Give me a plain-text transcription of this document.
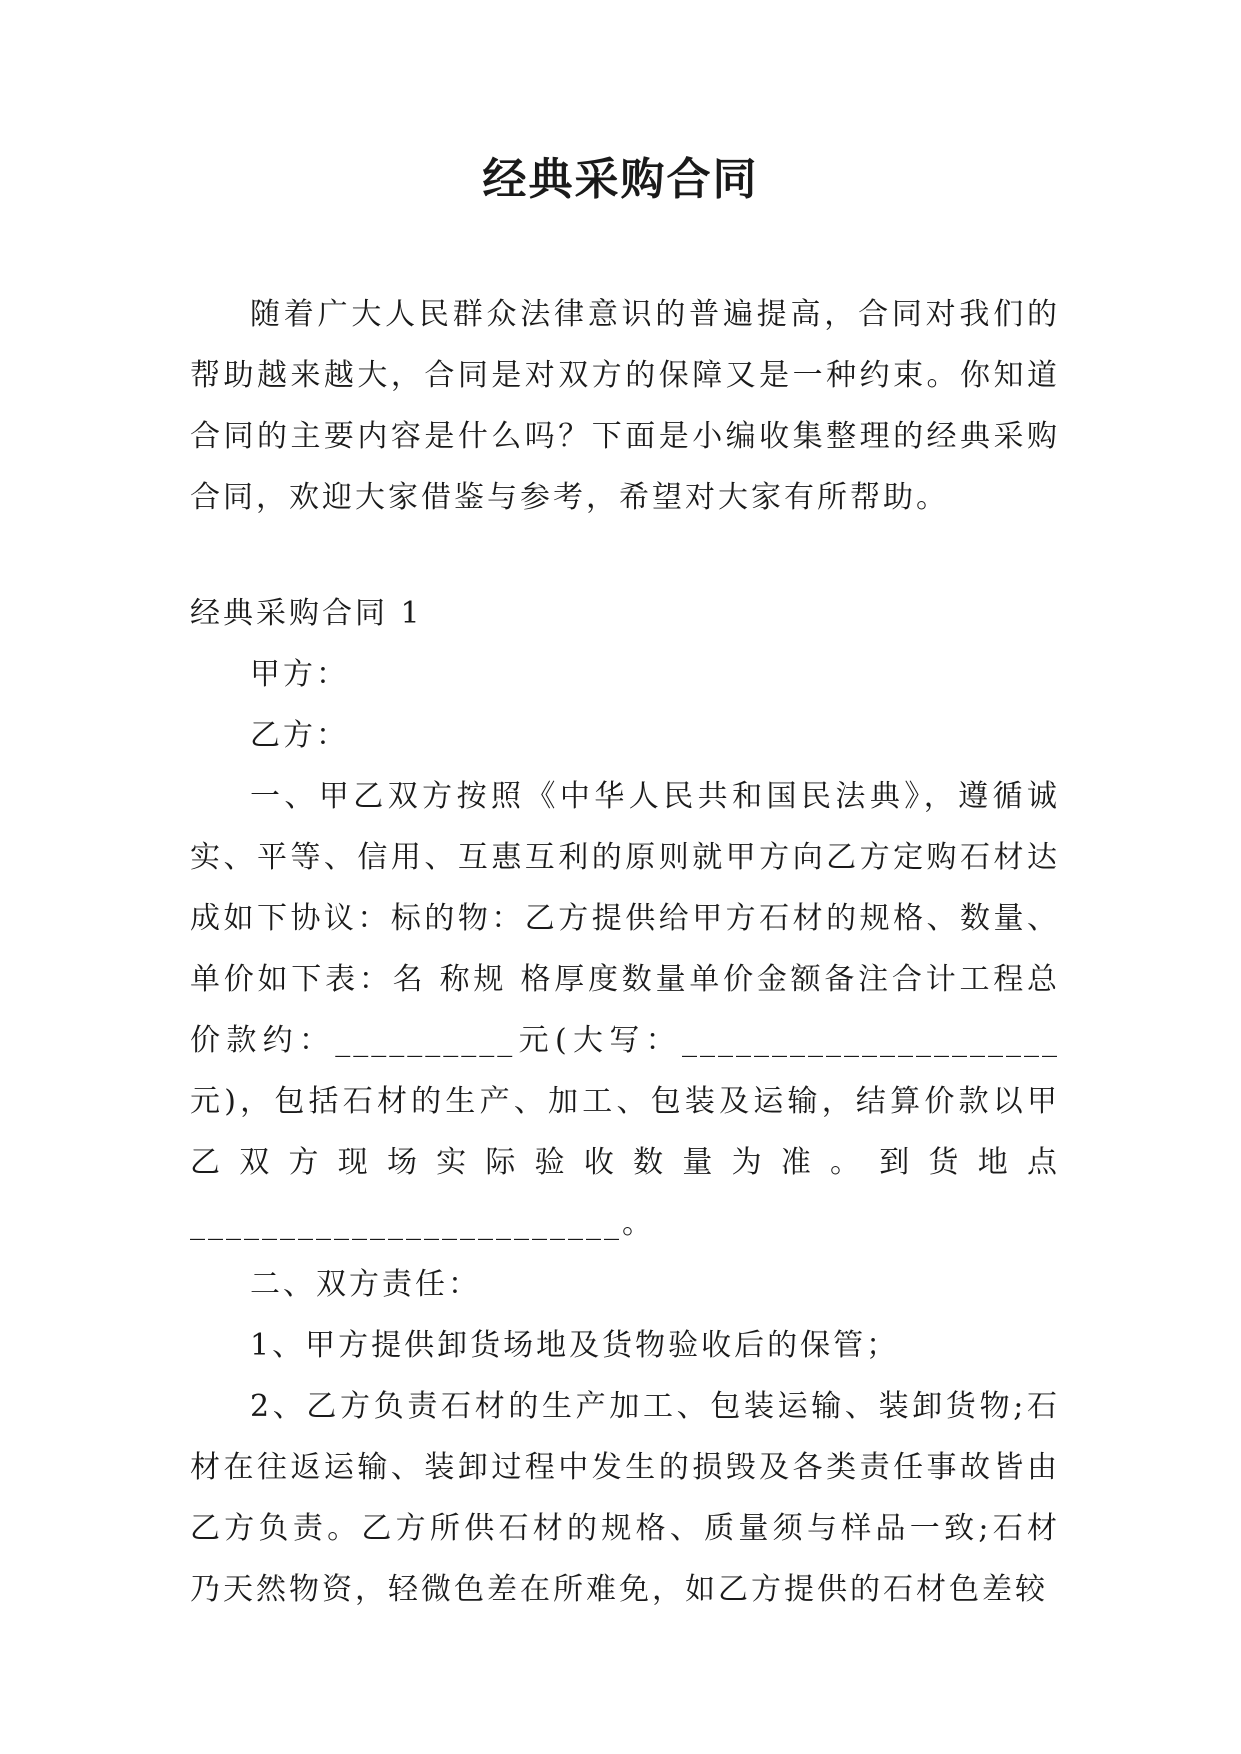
经典采购合同

随着广大人民群众法律意识的普遍提高，合同对我们的帮助越来越大，合同是对双方的保障又是一种约束。你知道合同的主要内容是什么吗？下面是小编收集整理的经典采购合同，欢迎大家借鉴与参考，希望对大家有所帮助。

经典采购合同 1

甲方：

乙方：

一、甲乙双方按照《中华人民共和国民法典》，遵循诚实、平等、信用、互惠互利的原则就甲方向乙方定购石材达成如下协议：标的物：乙方提供给甲方石材的规格、数量、单价如下表：名 称规 格厚度数量单价金额备注合计工程总价款约：__________元(大写：_____________________元)，包括石材的生产、加工、包装及运输，结算价款以甲乙双方现场实际验收数量为准。到货地点________________________。

二、双方责任：

1、甲方提供卸货场地及货物验收后的保管；

2、乙方负责石材的生产加工、包装运输、装卸货物;石材在往返运输、装卸过程中发生的损毁及各类责任事故皆由乙方负责。乙方所供石材的规格、质量须与样品一致;石材乃天然物资，轻微色差在所难免，如乙方提供的石材色差较
